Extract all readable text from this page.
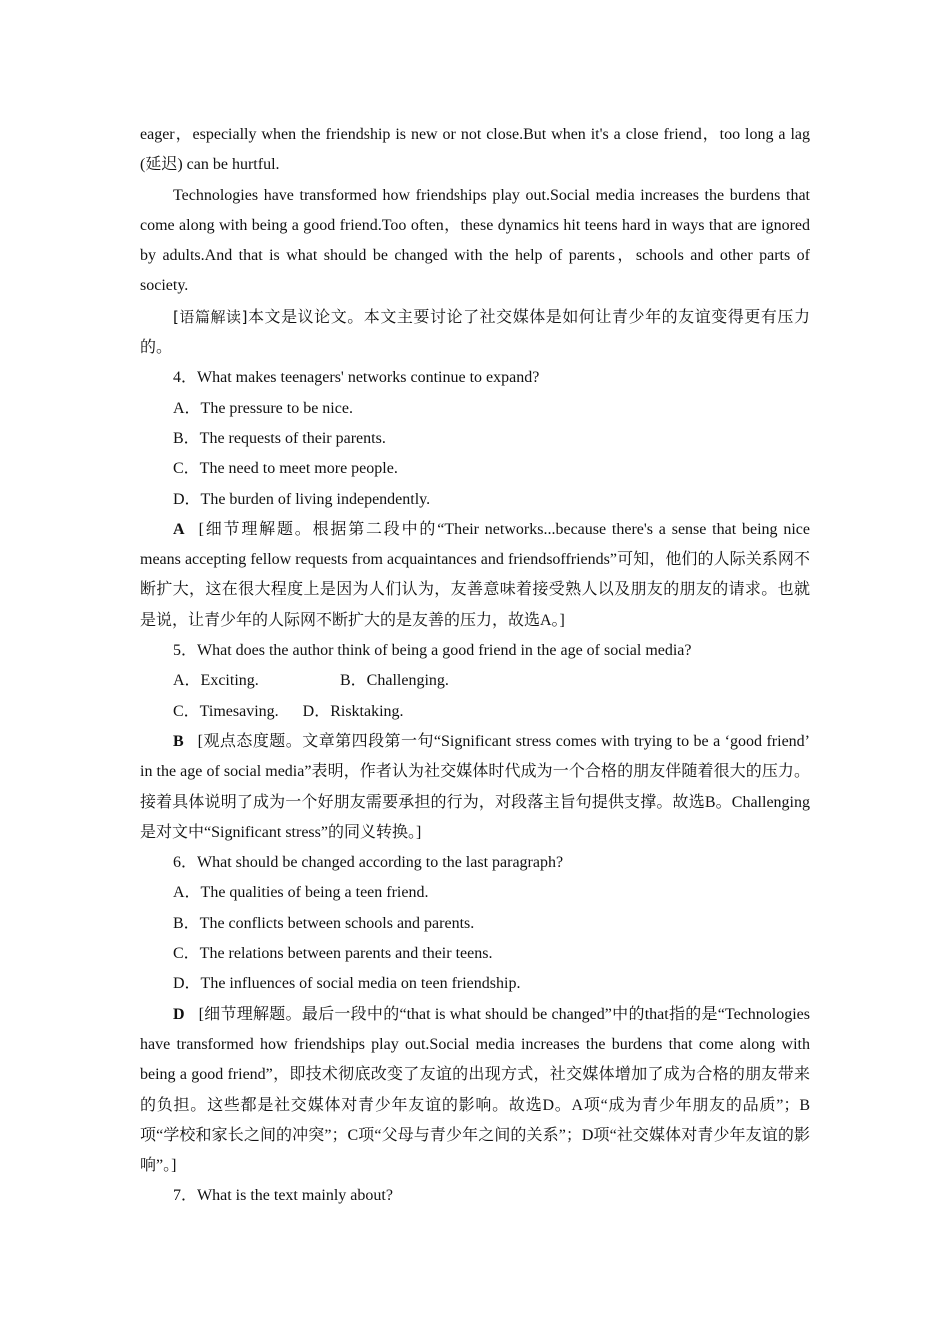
eager，especially when the friendship is new or not close.But when it's a close friend，too long a lag (延迟) can be hurtful.

Technologies have transformed how friendships play out.Social media increases the burdens that come along with being a good friend.Too often，these dynamics hit teens hard in ways that are ignored by adults.And that is what should be changed with the help of parents，schools and other parts of society.

[语篇解读]本文是议论文。本文主要讨论了社交媒体是如何让青少年的友谊变得更有压力的。

4．What makes teenagers' networks continue to expand?

A．The pressure to be nice.
B．The requests of their parents.
C．The need to meet more people.
D．The burden of living independently.

A [细节理解题。根据第二段中的“Their networks...because there's a sense that being nice means accepting fellow requests from acquaintances and friendsoffriends”可知，他们的人际关系网不断扩大，这在很大程度上是因为人们认为，友善意味着接受熟人以及朋友的朋友的请求。也就是说，让青少年的人际网不断扩大的是友善的压力，故选A。]

5．What does the author think of being a good friend in the age of social media?

A．Exciting.	B．Challenging.
C．Timesaving. D．Risktaking.

B [观点态度题。文章第四段第一句“Significant stress comes with trying to be a ‘good friend’ in the age of social media”表明，作者认为社交媒体时代成为一个合格的朋友伴随着很大的压力。接着具体说明了成为一个好朋友需要承担的行为，对段落主旨句提供支撑。故选B。Challenging是对文中“Significant stress”的同义转换。]

6．What should be changed according to the last paragraph?

A．The qualities of being a teen friend.
B．The conflicts between schools and parents.
C．The relations between parents and their teens.
D．The influences of social media on teen friendship.

D [细节理解题。最后一段中的“that is what should be changed”中的that指的是“Technologies have transformed how friendships play out.Social media increases the burdens that come along with being a good friend”，即技术彻底改变了友谊的出现方式，社交媒体增加了成为合格的朋友带来的负担。这些都是社交媒体对青少年友谊的影响。故选D。A项“成为青少年朋友的品质”；B项“学校和家长之间的冲突”；C项“父母与青少年之间的关系”；D项“社交媒体对青少年友谊的影响”。]

7．What is the text mainly about?
